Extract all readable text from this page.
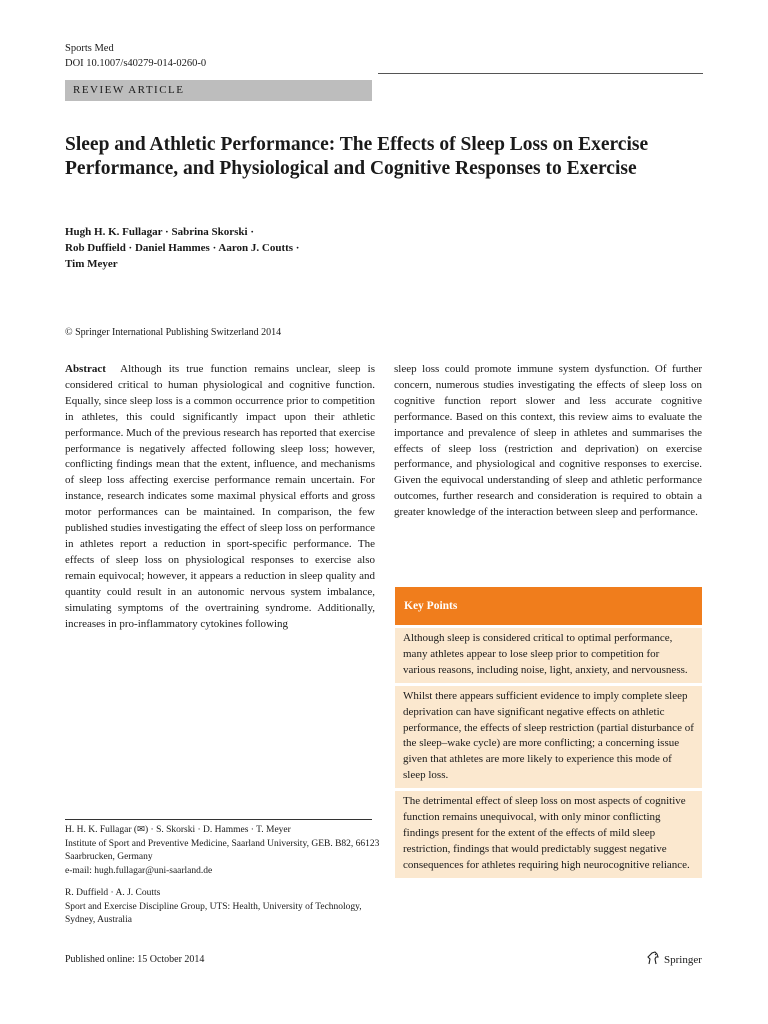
Sports Med
DOI 10.1007/s40279-014-0260-0
REVIEW ARTICLE
Sleep and Athletic Performance: The Effects of Sleep Loss on Exercise Performance, and Physiological and Cognitive Responses to Exercise
Hugh H. K. Fullagar · Sabrina Skorski ·
Rob Duffield · Daniel Hammes · Aaron J. Coutts ·
Tim Meyer
© Springer International Publishing Switzerland 2014
Abstract Although its true function remains unclear, sleep is considered critical to human physiological and cognitive function. Equally, since sleep loss is a common occurrence prior to competition in athletes, this could significantly impact upon their athletic performance. Much of the previous research has reported that exercise performance is negatively affected following sleep loss; however, conflicting findings mean that the extent, influence, and mechanisms of sleep loss affecting exercise performance remain uncertain. For instance, research indicates some maximal physical efforts and gross motor performances can be maintained. In comparison, the few published studies investigating the effect of sleep loss on performance in athletes report a reduction in sport-specific performance. The effects of sleep loss on physiological responses to exercise also remain equivocal; however, it appears a reduction in sleep quality and quantity could result in an autonomic nervous system imbalance, simulating symptoms of the overtraining syndrome. Additionally, increases in pro-inflammatory cytokines following
sleep loss could promote immune system dysfunction. Of further concern, numerous studies investigating the effects of sleep loss on cognitive function report slower and less accurate cognitive performance. Based on this context, this review aims to evaluate the importance and prevalence of sleep in athletes and summarises the effects of sleep loss (restriction and deprivation) on exercise performance, and physiological and cognitive responses to exercise. Given the equivocal understanding of sleep and athletic performance outcomes, further research and consideration is required to obtain a greater knowledge of the interaction between sleep and performance.
Key Points
Although sleep is considered critical to optimal performance, many athletes appear to lose sleep prior to competition for various reasons, including noise, light, anxiety, and nervousness.
Whilst there appears sufficient evidence to imply complete sleep deprivation can have significant negative effects on athletic performance, the effects of sleep restriction (partial disturbance of the sleep–wake cycle) are more conflicting; a concerning issue given that athletes are more likely to experience this mode of sleep loss.
The detrimental effect of sleep loss on most aspects of cognitive function remains unequivocal, with only minor conflicting findings present for the extent of the effects of mild sleep restriction, findings that would predictably suggest negative consequences for athletes requiring high neurocognitive reliance.
H. H. K. Fullagar (✉) · S. Skorski · D. Hammes · T. Meyer
Institute of Sport and Preventive Medicine, Saarland University, GEB. B82, 66123 Saarbrucken, Germany
e-mail: hugh.fullagar@uni-saarland.de
R. Duffield · A. J. Coutts
Sport and Exercise Discipline Group, UTS: Health, University of Technology, Sydney, Australia
Published online: 15 October 2014	Springer
